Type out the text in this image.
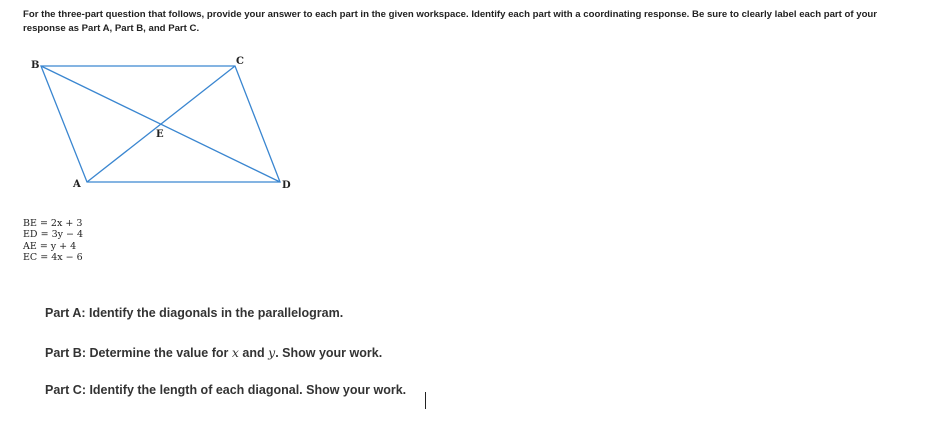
For the three-part question that follows, provide your answer to each part in the given workspace. Identify each part with a coordinating response. Be sure to clearly label each part of your response as Part A, Part B, and Part C.
B	C
A	D
E
BE = 2x + 3
ED = 3y − 4
AE = y + 4
EC = 4x − 6
Part A: Identify the diagonals in the parallelogram.
Part B: Determine the value for x and y. Show your work.
Part C: Identify the length of each diagonal. Show your work.
